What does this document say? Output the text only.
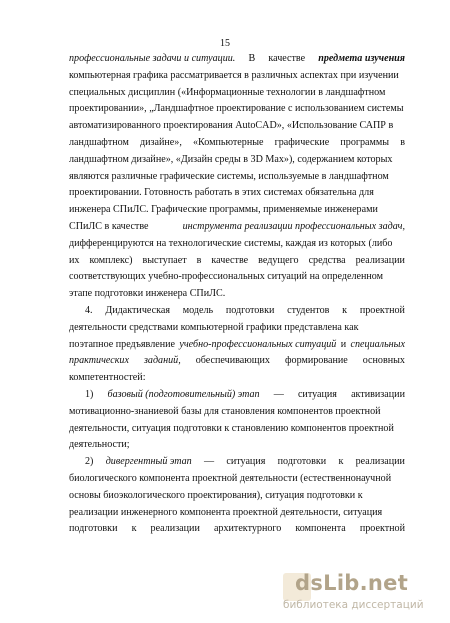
15
профессиональные задачи и ситуации. В качестве предмета изучения
компьютерная графика рассматривается в различных аспектах при изучении
специальных дисциплин («Информационные технологии в ландшафтном
проектировании», „Ландшафтное проектирование с использованием системы
автоматизированного проектирования AutoCAD», «Использование САПР в
ландшафтном дизайне», «Компьютерные графические программы в
ландшафтном дизайне», «Дизайн среды в 3D Max»), содержанием которых
являются различные графические системы, используемые в ландшафтном
проектировании. Готовность работать в этих системах обязательна для
инженера СПиЛС. Графические программы, применяемые инженерами
СПиЛС в качестве	инструмента реализации профессиональных задач,
дифференцируются на технологические системы, каждая из которых (либо
их комплекс) выступает в качестве ведущего средства реализации
соответствующих учебно-профессиональных ситуаций на определенном
этапе подготовки инженера СПиЛС.
4. Дидактическая модель подготовки студентов к проектной
деятельности средствами компьютерной графики представлена как
поэтапное предъявление учебно-профессиональных ситуаций и специальных
практических заданий, обеспечивающих формирование основных
компетентностей:
1) базовый (подготовительный) этап — ситуация активизации
мотивационно-знаниевой базы для становления компонентов проектной
деятельности, ситуация подготовки к становлению компонентов проектной
деятельности;
2) дивергентный этап — ситуация подготовки к реализации
биологического компонента проектной деятельности (естественнонаучной
основы биоэкологического проектирования), ситуация подготовки к
реализации инженерного компонента проектной деятельности, ситуация
подготовки к реализации архитектурного компонента проектной
dsLib.net
библиотека диссертаций
